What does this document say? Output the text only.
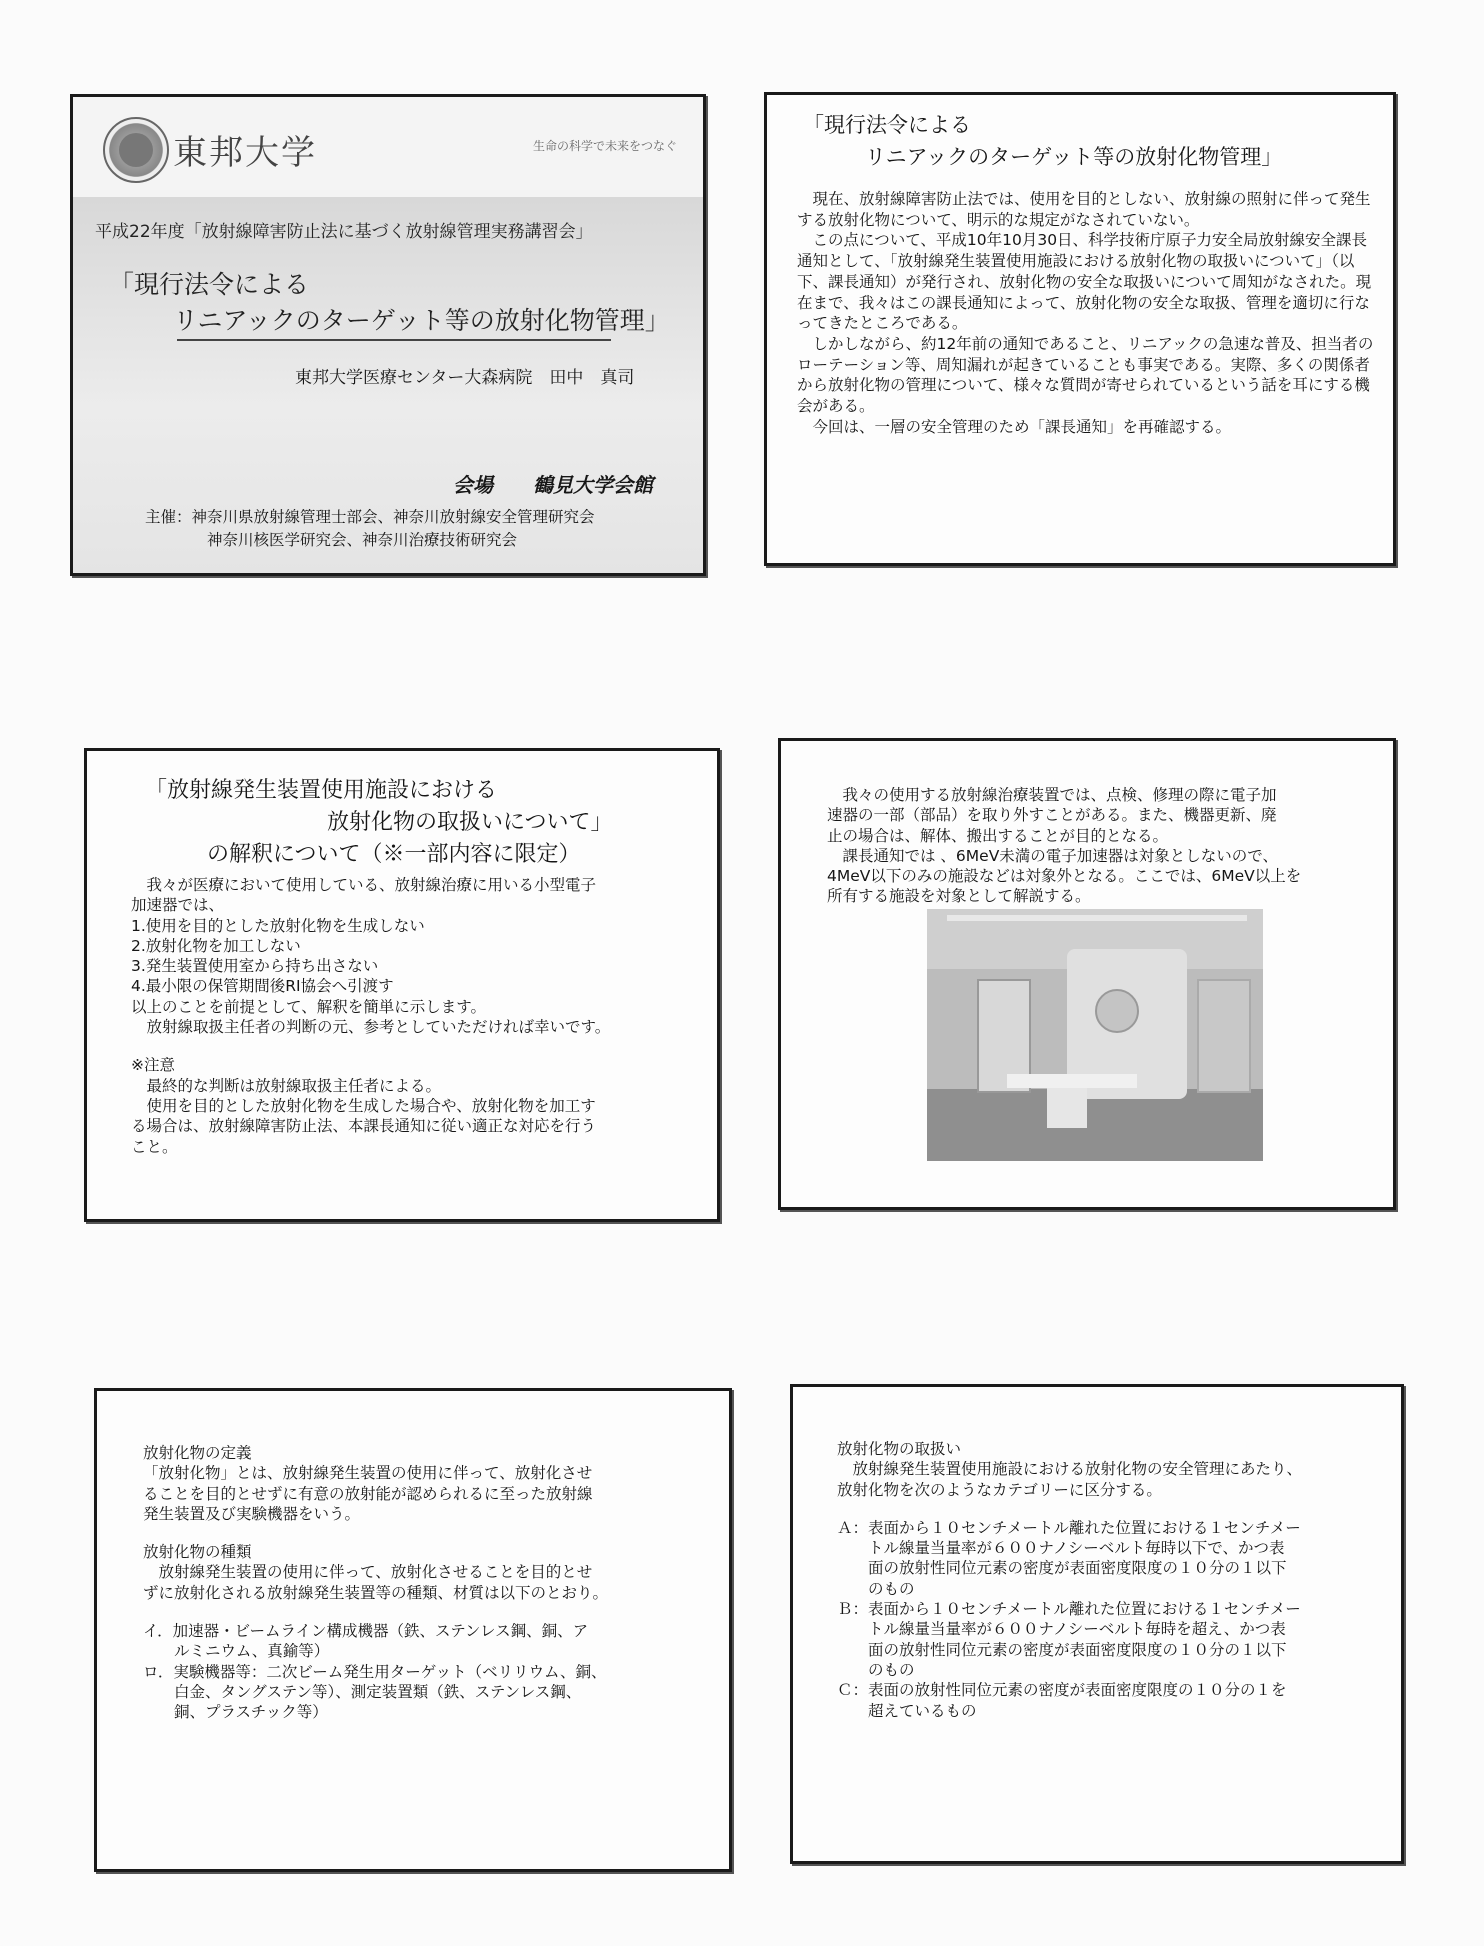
東邦大学	生命の科学で未来をつなぐ
平成22年度「放射線障害防止法に基づく放射線管理実務講習会」
「現行法令による
リニアックのターゲット等の放射化物管理」
東邦大学医療センター大森病院　田中　真司
会場　　鶴見大学会館
主催：神奈川県放射線管理士部会、神奈川放射線安全管理研究会
神奈川核医学研究会、神奈川治療技術研究会
「現行法令による
リニアックのターゲット等の放射化物管理」

　現在、放射線障害防止法では、使用を目的としない、放射線の照射に伴って発生する放射化物について、明示的な規定がなされていない。

　この点について、平成10年10月30日、科学技術庁原子力安全局放射線安全課長通知として、「放射線発生装置使用施設における放射化物の取扱いについて」（以下、課長通知）が発行され、放射化物の安全な取扱いについて周知がなされた。現在まで、我々はこの課長通知によって、放射化物の安全な取扱、管理を適切に行なってきたところである。

　しかしながら、約12年前の通知であること、リニアックの急速な普及、担当者のローテーション等、周知漏れが起きていることも事実である。実際、多くの関係者から放射化物の管理について、様々な質問が寄せられているという話を耳にする機会がある。

　今回は、一層の安全管理のため「課長通知」を再確認する。

「放射線発生装置使用施設における
放射化物の取扱いについて」
の解釈について（※一部内容に限定）
　我々が医療において使用している、放射線治療に用いる小型電子
加速器では、
1.使用を目的とした放射化物を生成しない
2.放射化物を加工しない
3.発生装置使用室から持ち出さない
4.最小限の保管期間後RI協会へ引渡す
以上のことを前提として、解釈を簡単に示します。
　放射線取扱主任者の判断の元、参考としていただければ幸いです。
※注意
　最終的な判断は放射線取扱主任者による。
　使用を目的とした放射化物を生成した場合や、放射化物を加工す
る場合は、放射線障害防止法、本課長通知に従い適正な対応を行う
こと。
　我々の使用する放射線治療装置では、点検、修理の際に電子加
速器の一部（部品）を取り外すことがある。また、機器更新、廃
止の場合は、解体、搬出することが目的となる。
　課長通知では 、6MeV未満の電子加速器は対象としないので、
4MeV以下のみの施設などは対象外となる。ここでは、6MeV以上を
所有する施設を対象として解説する。
放射化物の定義
「放射化物」とは、放射線発生装置の使用に伴って、放射化させ
ることを目的とせずに有意の放射能が認められるに至った放射線
発生装置及び実験機器をいう。
放射化物の種類
　放射線発生装置の使用に伴って、放射化させることを目的とせ
ずに放射化される放射線発生装置等の種類、材質は以下のとおり。
イ．加速器・ビームライン構成機器（鉄、ステンレス鋼、銅、ア
　　ルミニウム、真鍮等）
ロ．実験機器等：二次ビーム発生用ターゲット（ベリリウム、銅、
　　白金、タングステン等）、測定装置類（鉄、ステンレス鋼、
　　銅、プラスチック等）
放射化物の取扱い
　放射線発生装置使用施設における放射化物の安全管理にあたり、
放射化物を次のようなカテゴリーに区分する。
Ａ：表面から１０センチメートル離れた位置における１センチメー
　　トル線量当量率が６００ナノシーベルト毎時以下で、かつ表
　　面の放射性同位元素の密度が表面密度限度の１０分の１以下
　　のもの
Ｂ：表面から１０センチメートル離れた位置における１センチメー
　　トル線量当量率が６００ナノシーベルト毎時を超え、かつ表
　　面の放射性同位元素の密度が表面密度限度の１０分の１以下
　　のもの
Ｃ：表面の放射性同位元素の密度が表面密度限度の１０分の１を
　　超えているもの
